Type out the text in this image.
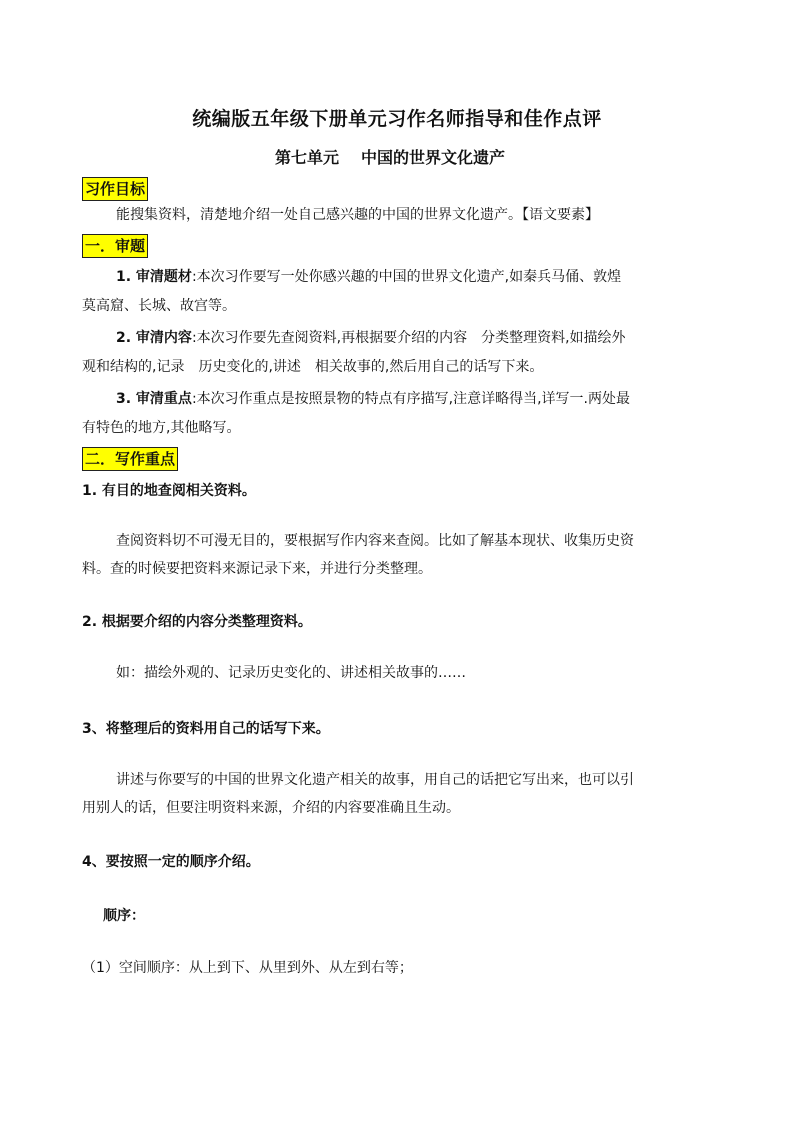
统编版五年级下册单元习作名师指导和佳作点评
第七单元 中国的世界文化遗产
习作目标
能搜集资料，清楚地介绍一处自己感兴趣的中国的世界文化遗产。【语文要素】
一．审题
1. 审清题材:本次习作要写一处你感兴趣的中国的世界文化遗产,如秦兵马俑、敦煌
莫高窟、长城、故宫等。
2. 审清内容:本次习作要先查阅资料,再根据要介绍的内容　分类整理资料,如描绘外
观和结构的,记录　历史变化的,讲述　相关故事的,然后用自己的话写下来。
3. 审清重点:本次习作重点是按照景物的特点有序描写,注意详略得当,详写一.两处最
有特色的地方,其他略写。
二．写作重点
1. 有目的地查阅相关资料。
查阅资料切不可漫无目的，要根据写作内容来查阅。比如了解基本现状、收集历史资
料。查的时候要把资料来源记录下来，并进行分类整理。
2. 根据要介绍的内容分类整理资料。
如：描绘外观的、记录历史变化的、讲述相关故事的……
3、将整理后的资料用自己的话写下来。
讲述与你要写的中国的世界文化遗产相关的故事，用自己的话把它写出来，也可以引
用别人的话，但要注明资料来源，介绍的内容要准确且生动。
4、要按照一定的顺序介绍。
顺序：
（1）空间顺序：从上到下、从里到外、从左到右等；
